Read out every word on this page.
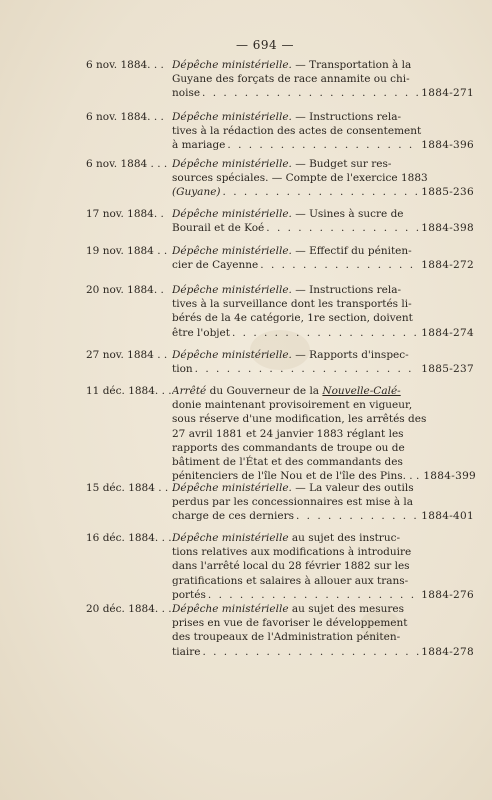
— 694 —
6 nov. 1884. . . Dépêche ministérielle. — Transportation à la
Guyane des forçats de race annamite ou chi-
noise . . .	1884-271
6 nov. 1884. . . Dépêche ministérielle. — Instructions rela-
tives à la rédaction des actes de consentement
à mariage . . .	1884-396
6 nov. 1884 . . . Dépêche ministérielle. — Budget sur res-
sources spéciales. — Compte de l'exercice 1883
(Guyane) . . .	1885-236
17 nov. 1884. . Dépêche ministérielle. — Usines à sucre de
Bourail et de Koé . . .	1884-398
19 nov. 1884 . . Dépêche ministérielle. — Effectif du péniten-
cier de Cayenne . . .	1884-272
20 nov. 1884. . Dépêche ministérielle. — Instructions rela-
tives à la surveillance dont les transportés li-
bérés de la 4e catégorie, 1re section, doivent
être l'objet . . .	1884-274
27 nov. 1884 . . Dépêche ministérielle. — Rapports d'inspec-
tion . . .	1885-237
11 déc. 1884. . . Arrêté du Gouverneur de la Nouvelle-Calé-
donie maintenant provisoirement en vigueur,
sous réserve d'une modification, les arrêtés des
27 avril 1881 et 24 janvier 1883 réglant les
rapports des commandants de troupe ou de
bâtiment de l'État et des commandants des
pénitenciers de l'île Nou et de l'île des Pins. . . 1884-399
15 déc. 1884 . . Dépêche ministérielle. — La valeur des outils
perdus par les concessionnaires est mise à la
charge de ces derniers . . .	1884-401
16 déc. 1884. . . Dépêche ministérielle au sujet des instruc-
tions relatives aux modifications à introduire
dans l'arrêté local du 28 février 1882 sur les
gratifications et salaires à allouer aux trans-
portés . . .	1884-276
20 déc. 1884. . . Dépêche ministérielle au sujet des mesures
prises en vue de favoriser le développement
des troupeaux de l'Administration péniten-
tiaire . . .	1884-278
